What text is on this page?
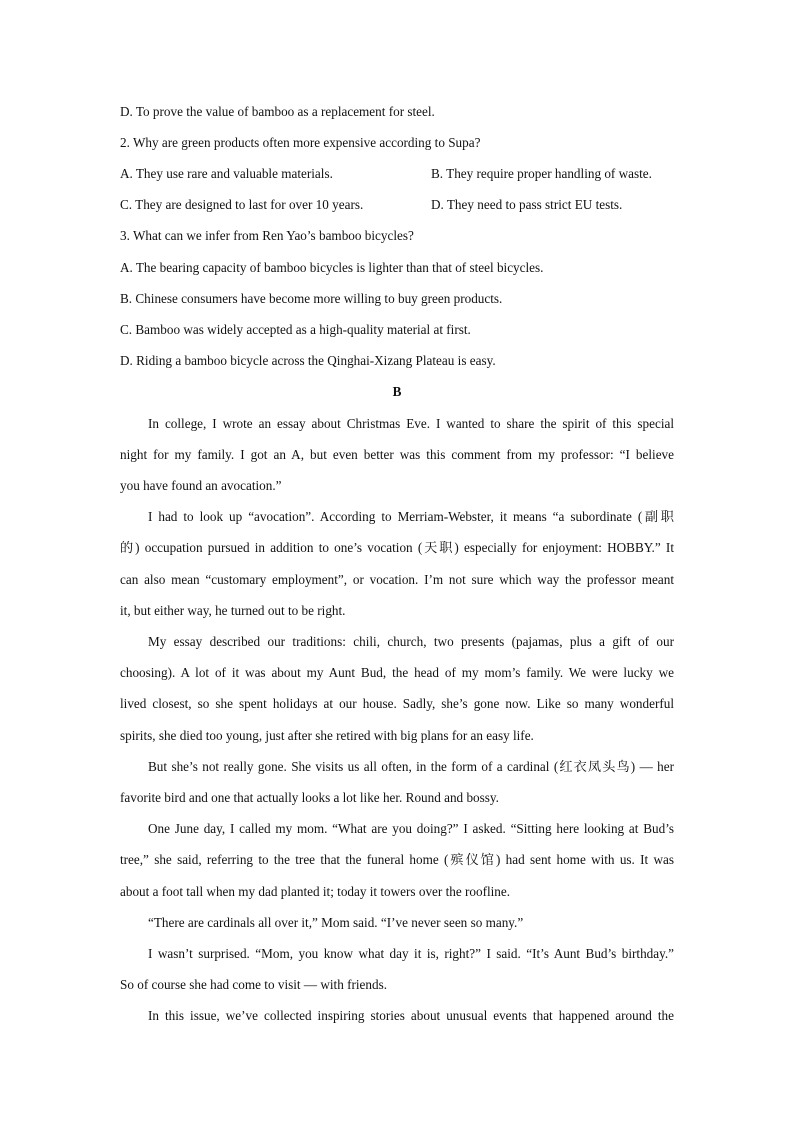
D. To prove the value of bamboo as a replacement for steel.
2. Why are green products often more expensive according to Supa?
A. They use rare and valuable materials.	B. They require proper handling of waste.
C. They are designed to last for over 10 years.	D. They need to pass strict EU tests.
3. What can we infer from Ren Yao’s bamboo bicycles?
A. The bearing capacity of bamboo bicycles is lighter than that of steel bicycles.
B. Chinese consumers have become more willing to buy green products.
C. Bamboo was widely accepted as a high-quality material at first.
D. Riding a bamboo bicycle across the Qinghai-Xizang Plateau is easy.
B
In college, I wrote an essay about Christmas Eve. I wanted to share the spirit of this special
night for my family. I got an A, but even better was this comment from my professor: “I believe
you have found an avocation.”
I had to look up “avocation”. According to Merriam-Webster, it means “a subordinate (副职
的) occupation pursued in addition to one’s vocation (天职) especially for enjoyment: HOBBY.” It
can also mean “customary employment”, or vocation. I’m not sure which way the professor meant
it, but either way, he turned out to be right.
My essay described our traditions: chili, church, two presents (pajamas, plus a gift of our
choosing). A lot of it was about my Aunt Bud, the head of my mom’s family. We were lucky we
lived closest, so she spent holidays at our house. Sadly, she’s gone now. Like so many wonderful
spirits, she died too young, just after she retired with big plans for an easy life.
But she’s not really gone. She visits us all often, in the form of a cardinal (红衣凤头鸟) — her
favorite bird and one that actually looks a lot like her. Round and bossy.
One June day, I called my mom. “What are you doing?” I asked. “Sitting here looking at Bud’s
tree,” she said, referring to the tree that the funeral home (殡仪馆) had sent home with us. It was
about a foot tall when my dad planted it; today it towers over the roofline.
“There are cardinals all over it,” Mom said. “I’ve never seen so many.”
I wasn’t surprised. “Mom, you know what day it is, right?” I said. “It’s Aunt Bud’s birthday.”
So of course she had come to visit — with friends.
In this issue, we’ve collected inspiring stories about unusual events that happened around the
